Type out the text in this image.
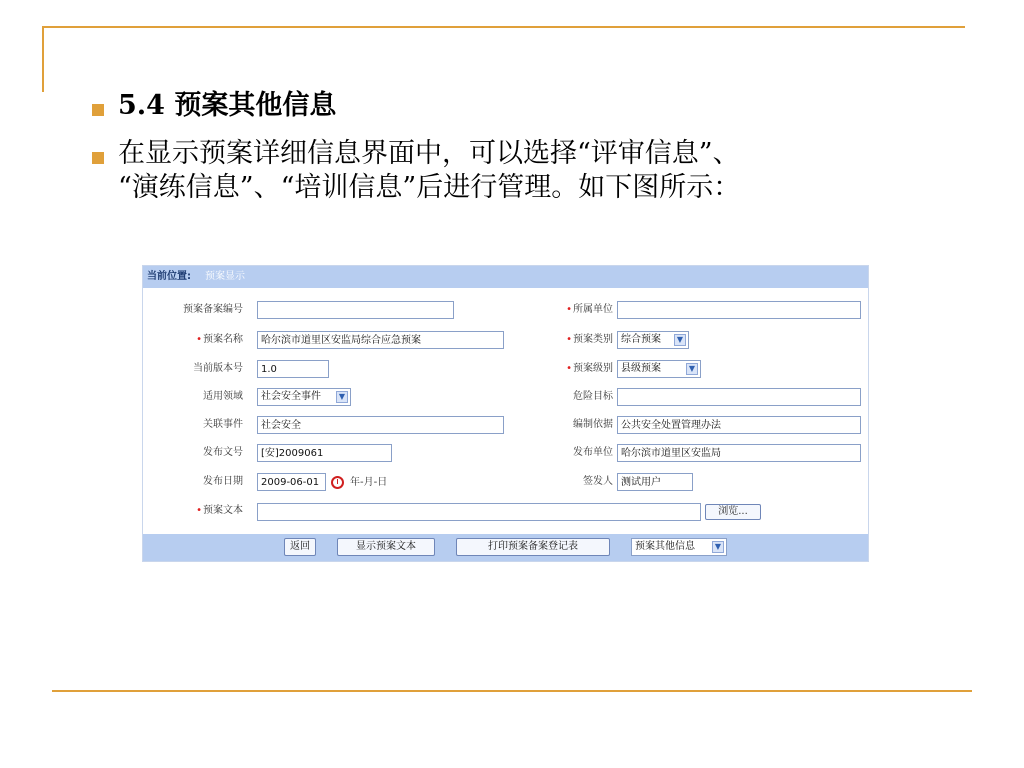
5.4 预案其他信息
在显示预案详细信息界面中，可以选择“评审信息”、
“演练信息”、“培训信息”后进行管理。如下图所示：
当前位置: 预案显示
预案备案编号
• 预案名称	哈尔滨市道里区安监局综合应急预案
当前版本号	1.0
适用领域	社会安全事件	▼
关联事件	社会安全
发布文号	[安]2009061
发布日期	2009-06-01	年-月-日
• 预案文本	浏览...
• 所属单位
• 预案类别 综合预案	▼
• 预案级别 县级预案	▼
危险目标
编制依据 公共安全处置管理办法
发布单位 哈尔滨市道里区安监局
签发人 测试用户
返回	显示预案文本	打印预案备案登记表	预案其他信息	▼
